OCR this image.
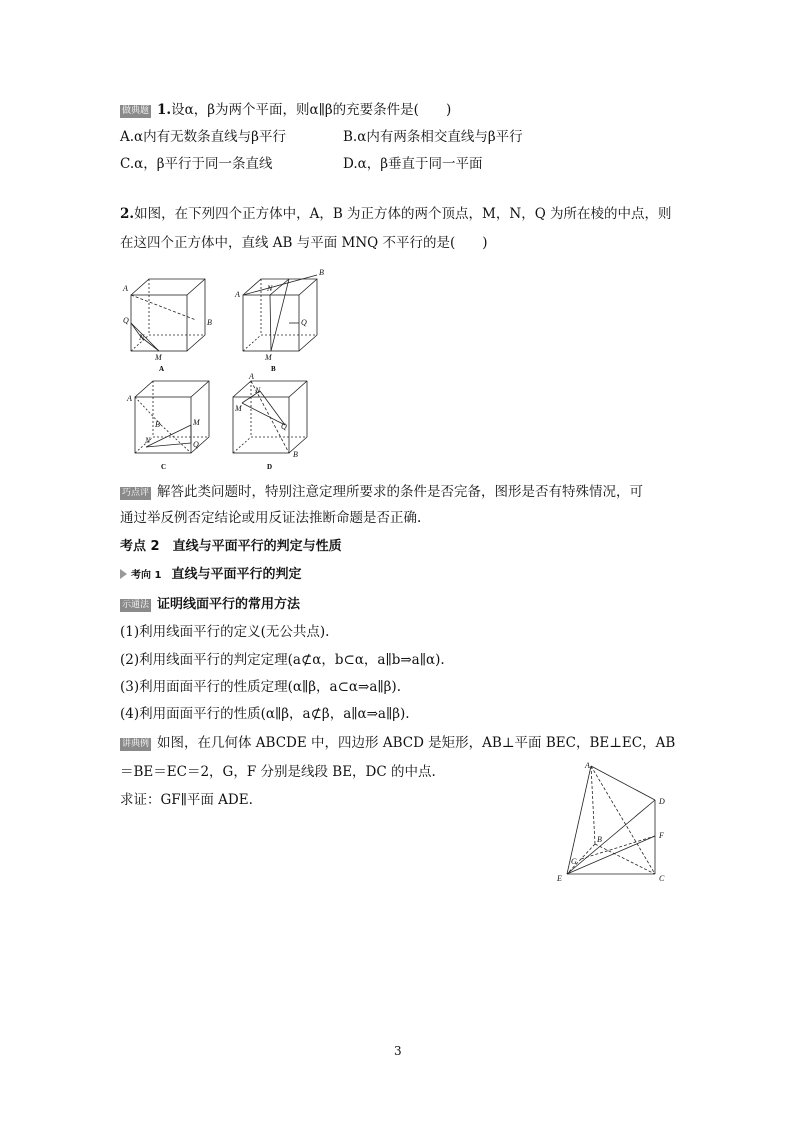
做典题 1.设α，β为两个平面，则α∥β的充要条件是(　　)
A.α内有无数条直线与β平行	B.α内有两条相交直线与β平行
C.α，β平行于同一条直线	D.α，β垂直于同一平面
2.如图，在下列四个正方体中，A，B 为正方体的两个顶点，M，N，Q 为所在棱的中点，则
在这四个正方体中，直线 AB 与平面 MNQ 不平行的是(　　)
A
B
Q
N
M
A
B
N
Q
M
A
B
N
M
Q
A
B
M
N
Q
A	B
C	D
巧点评 解答此类问题时，特别注意定理所要求的条件是否完备，图形是否有特殊情况，可
通过举反例否定结论或用反证法推断命题是否正确.
考点 2　直线与平面平行的判定与性质
考向 1 直线与平面平行的判定
示通法 证明线面平行的常用方法
(1)利用线面平行的定义(无公共点).
(2)利用线面平行的判定定理(a⊄α，b⊂α，a∥b⇒a∥α).
(3)利用面面平行的性质定理(α∥β，a⊂α⇒a∥β).
(4)利用面面平行的性质(α∥β，a⊄β，a∥α⇒a∥β).
讲典例 如图，在几何体 ABCDE 中，四边形 ABCD 是矩形，AB⊥平面 BEC，BE⊥EC，AB
＝BE＝EC＝2，G，F 分别是线段 BE，DC 的中点.
求证：GF∥平面 ADE.
A
D
F
B
G
E	C
3
